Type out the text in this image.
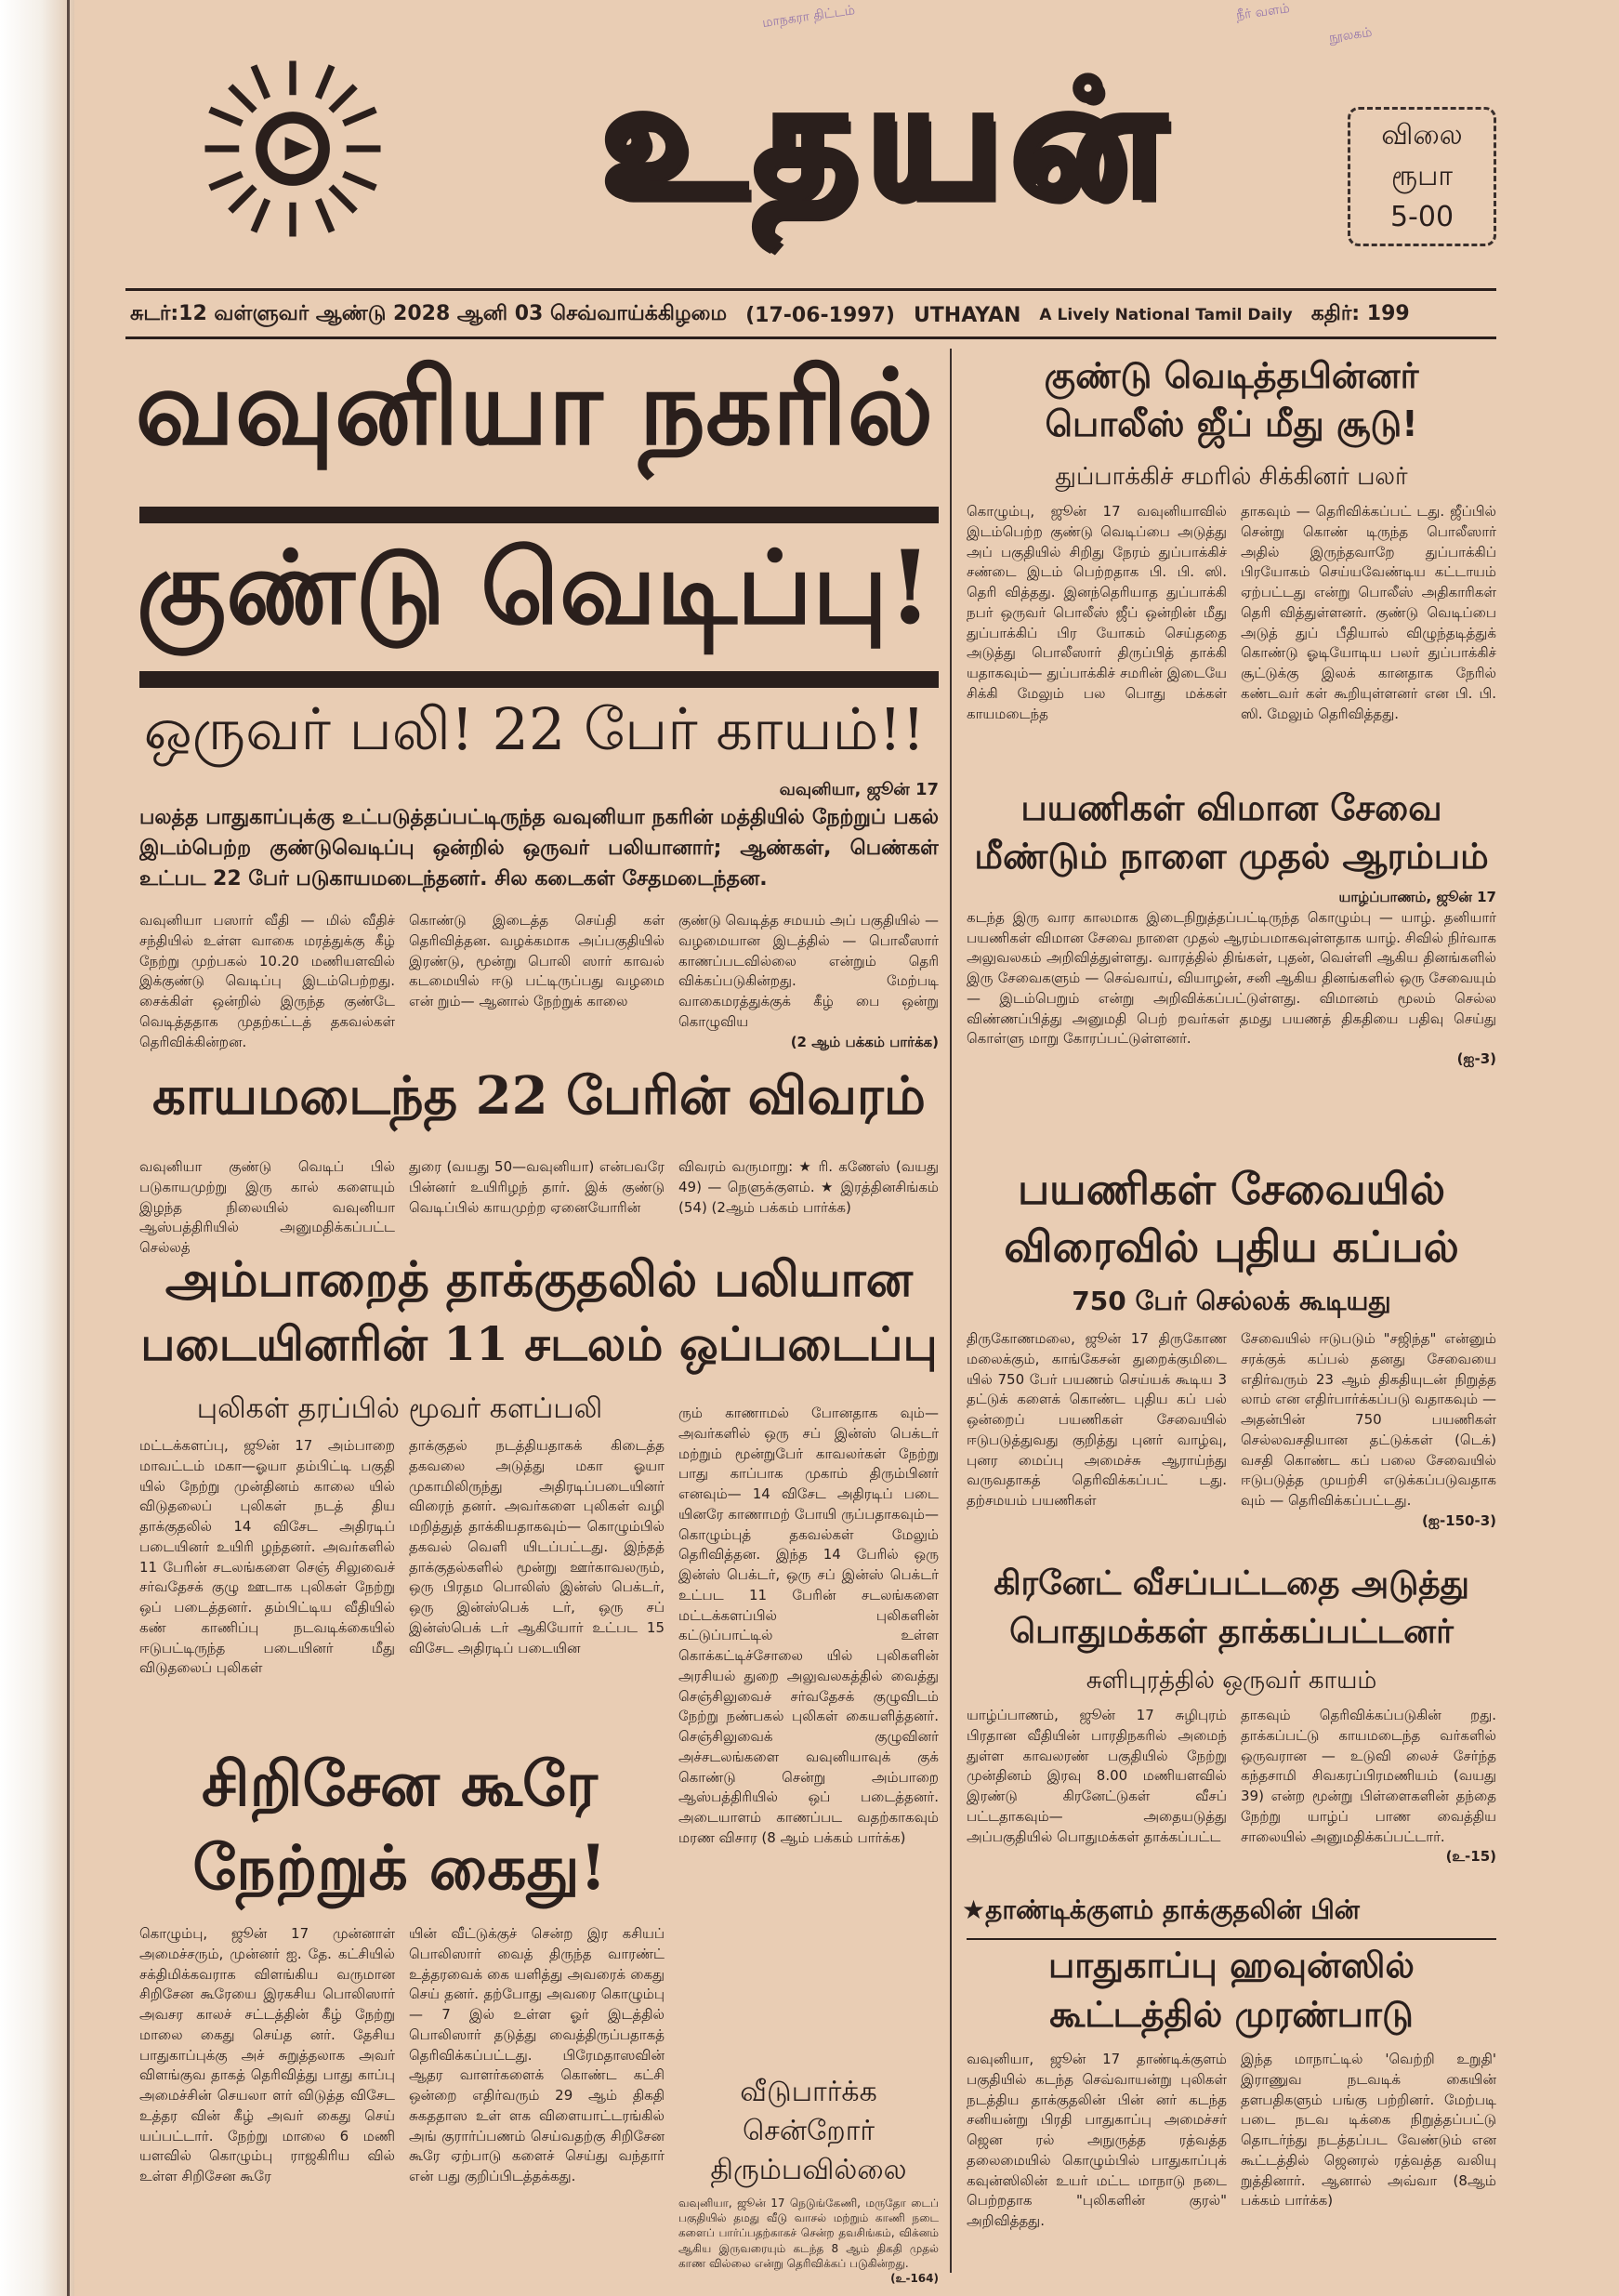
மாநகரா திட்டம்	நீர் வளம்
நூலகம்
உதயன்	விலை
ரூபா
5-00
சுடர்:12 வள்ளுவர் ஆண்டு 2028 ஆனி 03 செவ்வாய்க்கிழமை (17-06-1997) UTHAYAN A Lively National Tamil Daily கதிர்: 199
வவுனியா நகரில்
குண்டு வெடிப்பு!
ஒருவர் பலி! 22 பேர் காயம்!!
வவுனியா, ஜூன் 17
பலத்த பாதுகாப்புக்கு உட்படுத்தப்பட்டிருந்த வவுனியா நகரின் மத்தியில் நேற்றுப் பகல் இடம்பெற்ற குண்டுவெடிப்பு ஒன்றில் ஒருவர் பலியானார்; ஆண்கள், பெண்கள் உட்பட 22 பேர் படுகாயமடைந்தனர். சில கடைகள் சேதமடைந்தன.
வவுனியா பஸார் வீதி — மில் வீதிச் சந்தியில் உள்ள வாகை மரத்துக்கு கீழ் நேற்று முற்பகல் 10.20 மணியளவில் இக்குண்டு வெடிப்பு இடம்பெற்றது. சைக்கிள் ஒன்றில் இருந்த குண்டே வெடித்ததாக முதற்கட்டத் தகவல்கள் தெரிவிக்கின்றன.
கொண்டு இடைத்த செய்தி கள் தெரிவித்தன. வழக்கமாக அப்பகுதியில் இரண்டு, மூன்று பொலி ஸார் காவல் கடமையில் ஈடு பட்டிருப்பது வழமை என் றும்— ஆனால் நேற்றுக் காலை
குண்டு வெடித்த சமயம் அப் பகுதியில் — வழமையான இடத்தில் — பொலீஸார் காணப்படவில்லை என்றும் தெரி விக்கப்படுகின்றது. மேற்படி வாகைமரத்துக்குக் கீழ் பை ஒன்று கொழுவிய
(2 ஆம் பக்கம் பார்க்க)
காயமடைந்த 22 பேரின் விவரம்
வவுனியா குண்டு வெடிப் பில் படுகாயமுற்று இரு கால் களையும் இழந்த நிலையில் வவுனியா ஆஸ்பத்திரியில் அனுமதிக்கப்பட்ட செல்லத்
துரை (வயது 50—வவுனியா) என்பவரே பின்னர் உயிரிழந் தார். இக் குண்டு வெடிப்பில் காயமுற்ற ஏனையோரின்
விவரம் வருமாறு: ★ ரி. கணேஸ் (வயது 49) — நெளுக்குளம். ★ இரத்தினசிங்கம் (54) (2ஆம் பக்கம் பார்க்க)
அம்பாறைத் தாக்குதலில் பலியான
படையினரின் 11 சடலம் ஒப்படைப்பு
புலிகள் தரப்பில் மூவர் களப்பலி
மட்டக்களப்பு, ஜூன் 17 அம்பாறை மாவட்டம் மகா—ஓயா தம்பிட்டி பகுதி யில் நேற்று முன்தினம் காலை யில் விடுதலைப் புலிகள் நடத் திய தாக்குதலில் 14 விசேட அதிரடிப் படையினர் உயிரி ழந்தனர். அவர்களில் 11 பேரின் சடலங்களை செஞ் சிலுவைச் சர்வதேசக் குழு ஊடாக புலிகள் நேற்று ஒப் படைத்தனர். தம்பிட்டிய வீதியில் கண் காணிப்பு நடவடிக்கையில் ஈடுபட்டிருந்த படையினர் மீது விடுதலைப் புலிகள்
தாக்குதல் நடத்தியதாகக் கிடைத்த தகவலை அடுத்து மகா ஓயா முகாமிலிருந்து அதிரடிப்படையினர் விரைந் தனர். அவர்களை புலிகள் வழி மறித்துத் தாக்கியதாகவும்— கொழும்பில் தகவல் வெளி யிடப்பட்டது. இந்தத் தாக்குதல்களில் மூன்று ஊர்காவலரும், ஒரு பிரதம பொலிஸ் இன்ஸ் பெக்டர், ஒரு இன்ஸ்பெக் டர், ஒரு சப் இன்ஸ்பெக் டர் ஆகியோர் உட்பட 15 விசேட அதிரடிப் படையின
ரும் காணாமல் போனதாக வும்— அவர்களில் ஒரு சப் இன்ஸ் பெக்டர் மற்றும் மூன்றுபேர் காவலர்கள் நேற்று பாது காப்பாக முகாம் திரும்பினர் எனவும்— 14 விசேட அதிரடிப் படை யினரே காணாமற் போயி ருப்பதாகவும்— கொழும்புத் தகவல்கள் மேலும் தெரிவித்தன. இந்த 14 பேரில் ஒரு இன்ஸ் பெக்டர், ஒரு சப் இன்ஸ் பெக்டர் உட்பட 11 பேரின் சடலங்களை மட்டக்களப்பில் புலிகளின் கட்டுப்பாட்டில் உள்ள கொக்கட்டிச்சோலை யில் புலிகளின் அரசியல் துறை அலுவலகத்தில் வைத்து செஞ்சிலுவைச் சர்வதேசக் குழுவிடம் நேற்று நண்பகல் புலிகள் கையளித்தனர். செஞ்சிலுவைக் குழுவினர் அச்சடலங்களை வவுனியாவுக் குக் கொண்டு சென்று அம்பாறை ஆஸ்பத்திரியில் ஒப் படைத்தனர். அடையாளம் காணப்பட வதற்காகவும் மரண விசார (8 ஆம் பக்கம் பார்க்க)
சிறிசேன கூரே
நேற்றுக் கைது!
கொழும்பு, ஜூன் 17 முன்னாள் அமைச்சரும், முன்னர் ஐ. தே. கட்சியில் சக்திமிக்கவராக விளங்கிய வருமான சிறிசேன கூரேயை இரகசிய பொலிஸார் அவசர காலச் சட்டத்தின் கீழ் நேற்று மாலை கைது செய்த னர். தேசிய பாதுகாப்புக்கு அச் சுறுத்தலாக அவர் விளங்குவ தாகத் தெரிவித்து பாது காப்பு அமைச்சின் செயலா ளர் விடுத்த விசேட உத்தர வின் கீழ் அவர் கைது செய் யப்பட்டார். நேற்று மாலை 6 மணி யளவில் கொழும்பு ராஜகிரிய வில் உள்ள சிறிசேன கூரே
யின் வீட்டுக்குச் சென்ற இர கசியப் பொலிஸார் வைத் திருந்த வாரண்ட் உத்தரவைக் கை யளித்து அவரைக் கைது செய் தனர். தற்போது அவரை கொழும்பு — 7 இல் உள்ள ஓர் இடத்தில் பொலிஸார் தடுத்து வைத்திருப்பதாகத் தெரிவிக்கப்பட்டது. பிரேமதாஸவின் ஆதர வாளர்களைக் கொண்ட கட்சி ஒன்றை எதிர்வரும் 29 ஆம் திகதி சுகததாஸ உள் ளக விளையாட்டரங்கில் அங் குரார்ப்பணம் செய்வதற்கு சிறிசேன கூரே ஏற்பாடு களைச் செய்து வந்தார் என் பது குறிப்பிடத்தக்கது.
வீடுபார்க்க
சென்றோர்
திரும்பவில்லை
வவுனியா, ஜூன் 17 நெடுங்கேணி, மருதோ டைப் பகுதியில் தமது வீடு வாசல் மற்றும் காணி நடை களைப் பார்ப்பதற்காகச் சென்ற தவசிங்கம், விக்னம் ஆகிய இருவரையும் கடந்த 8 ஆம் திகதி முதல் காண வில்லை என்று தெரிவிக்கப் படுகின்றது.
(உ-164)
குண்டு வெடித்தபின்னர்
பொலீஸ் ஜீப் மீது சூடு!
துப்பாக்கிச் சமரில் சிக்கினர் பலர்
கொழும்பு, ஜூன் 17 வவுனியாவில் இடம்பெற்ற குண்டு வெடிப்பை அடுத்து அப் பகுதியில் சிறிது நேரம் துப்பாக்கிச் சண்டை இடம் பெற்றதாக பி. பி. ஸி. தெரி வித்தது. இனந்தெரியாத துப்பாக்கி நபர் ஒருவர் பொலீஸ் ஜீப் ஒன்றின் மீது துப்பாக்கிப் பிர யோகம் செய்ததை அடுத்து பொலீஸார் திருப்பித் தாக்கி யதாகவும்— துப்பாக்கிச் சமரின் இடையே சிக்கி மேலும் பல பொது மக்கள் காயமடைந்த
தாகவும் — தெரிவிக்கப்பட் டது. ஜீப்பில் சென்று கொண் டிருந்த பொலீஸார் அதில் இருந்தவாறே துப்பாக்கிப் பிரயோகம் செய்யவேண்டிய கட்டாயம் ஏற்பட்டது என்று பொலீஸ் அதிகாரிகள் தெரி வித்துள்ளனர். குண்டு வெடிப்பை அடுத் துப் பீதியால் விழுந்தடித்துக் கொண்டு ஓடியோடிய பலர் துப்பாக்கிச் சூட்டுக்கு இலக் கானதாக நேரில் கண்டவர் கள் கூறியுள்ளனர் என பி. பி. ஸி. மேலும் தெரிவித்தது.
பயணிகள் விமான சேவை
மீண்டும் நாளை முதல் ஆரம்பம்
யாழ்ப்பாணம், ஜூன் 17
கடந்த இரு வார காலமாக இடைநிறுத்தப்பட்டிருந்த கொழும்பு — யாழ். தனியார் பயணிகள் விமான சேவை நாளை முதல் ஆரம்பமாகவுள்ளதாக யாழ். சிவில் நிர்வாக அலுவலகம் அறிவித்துள்ளது. வாரத்தில் திங்கள், புதன், வெள்ளி ஆகிய தினங்களில் இரு சேவைகளும் — செவ்வாய், வியாழன், சனி ஆகிய தினங்களில் ஒரு சேவையும் — இடம்பெறும் என்று அறிவிக்கப்பட்டுள்ளது. விமானம் மூலம் செல்ல விண்ணப்பித்து அனுமதி பெற் றவர்கள் தமது பயணத் திகதியை பதிவு செய்து கொள்ளு மாறு கோரப்பட்டுள்ளனர்.
(ஐ-3)
பயணிகள் சேவையில்
விரைவில் புதிய கப்பல்
750 பேர் செல்லக் கூடியது
திருகோணமலை, ஜூன் 17 திருகோண மலைக்கும், காங்கேசன் துறைக்குமிடை யில் 750 பேர் பயணம் செய்யக் கூடிய 3 தட்டுக் களைக் கொண்ட புதிய கப் பல் ஒன்றைப் பயணிகள் சேவையில் ஈடுபடுத்துவது குறித்து புனர் வாழ்வு, புனர மைப்பு அமைச்சு ஆராய்ந்து வருவதாகத் தெரிவிக்கப்பட் டது. தற்சமயம் பயணிகள்
சேவையில் ஈடுபடும் "சஜிந்த" என்னும் சரக்குக் கப்பல் தனது சேவையை எதிர்வரும் 23 ஆம் திகதியுடன் நிறுத்த லாம் என எதிர்பார்க்கப்படு வதாகவும் — அதன்பின் 750 பயணிகள் செல்லவசதியான தட்டுக்கள் (டெக்) வசதி கொண்ட கப் பலை சேவையில் ஈடுபடுத்த முயற்சி எடுக்கப்படுவதாக வும் — தெரிவிக்கப்பட்டது.
(ஐ-150-3)
கிரனேட் வீசப்பட்டதை அடுத்து
பொதுமக்கள் தாக்கப்பட்டனர்
சுளிபுரத்தில் ஒருவர் காயம்
யாழ்ப்பாணம், ஜூன் 17 சுழிபுரம் பிரதான வீதியின் பாரதிநகரில் அமைந் துள்ள காவலரண் பகுதியில் நேற்று முன்தினம் இரவு 8.00 மணியளவில் இரண்டு கிரனேட்டுகள் வீசப் பட்டதாகவும்— அதையடுத்து அப்பகுதியில் பொதுமக்கள் தாக்கப்பட்ட
தாகவும் தெரிவிக்கப்படுகின் றது. தாக்கப்பட்டு காயமடைந்த வர்களில் ஒருவரான — உடுவி லைச் சேர்ந்த கந்தசாமி சிவகரப்பிரமணியம் (வயது 39) என்ற மூன்று பிள்ளைகளின் தந்தை நேற்று யாழ்ப் பாண வைத்திய சாலையில் அனுமதிக்கப்பட்டார்.
(உ-15)
★தாண்டிக்குளம் தாக்குதலின் பின்
பாதுகாப்பு ஹவுன்ஸில்
கூட்டத்தில் முரண்பாடு
வவுனியா, ஜூன் 17 தாண்டிக்குளம் பகுதியில் கடந்த செவ்வாயன்று புலிகள் நடத்திய தாக்குதலின் பின் னர் கடந்த சனியன்று பிரதி பாதுகாப்பு அமைச்சர் ஜென ரல் அநுருத்த ரத்வத்த தலைமையில் கொழும்பில் பாதுகாப்புக் கவுன்ஸிலின் உயர் மட்ட மாநாடு நடை பெற்றதாக "புலிகளின் குரல்" அறிவித்தது.
இந்த மாநாட்டில் 'வெற்றி உறுதி' இராணுவ நடவடிக் கையின் தளபதிகளும் பங்கு பற்றினர். மேற்படி படை நடவ டிக்கை நிறுத்தப்பட்டு தொடர்ந்து நடத்தப்பட வேண்டும் என கூட்டத்தில் ஜெனரல் ரத்வத்த வலியு றுத்தினார். ஆனால் அவ்வா (8ஆம் பக்கம் பார்க்க)
